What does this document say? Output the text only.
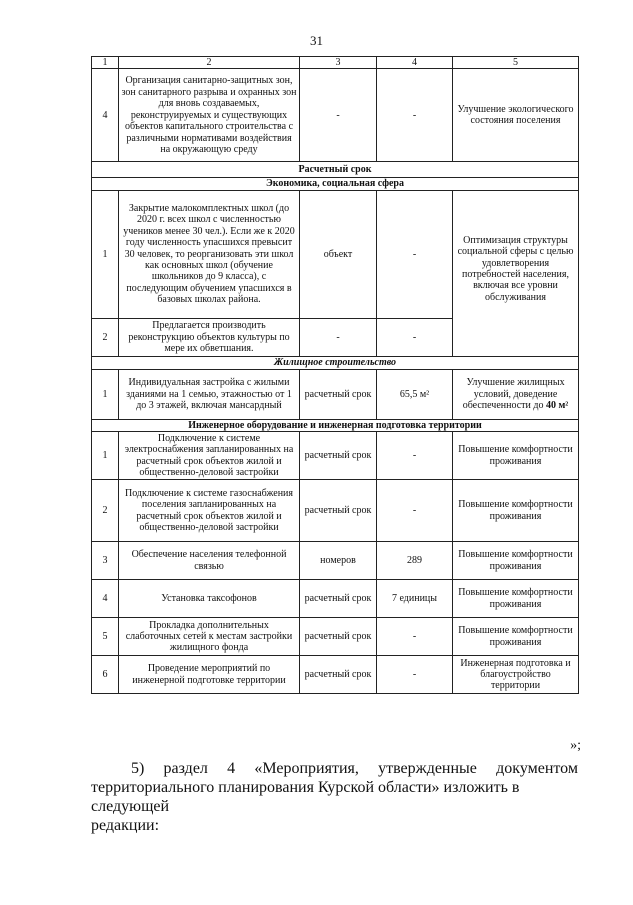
31
1	2	3	4	5
4	Организация санитарно-защитных зон, зон санитарного разрыва и охранных зон для вновь создаваемых, реконструируемых и существующих объектов капитального строительства с различными нормативами воздействия на окружающую среду	-	-	Улучшение экологического состояния поселения
Расчетный срок				
Экономика, социальная сфера				
1	Закрытие малокомплектных школ (до 2020 г. всех школ с численностью учеников менее 30 чел.). Если же к 2020 году численность упасшихся превысит 30 человек, то реорганизовать эти школ как основных школ (обучение школьников до 9 класса), с последующим обучением упасшихся в базовых школах района.	объект	-	Оптимизация структуры социальной сферы с целью удовлетворения потребностей населения, включая все уровни обслуживания
2	Предлагается производить реконструкцию объектов культуры по мере их обветшания.	-	-	
Жилищное строительство				
1	Индивидуальная застройка с жилыми зданиями на 1 семью, этажностью от 1 до 3 этажей, включая мансардный	расчетный срок	65,5 м²	Улучшение жилищных условий, доведение обеспеченности до 40 м²
Инженерное оборудование и инженерная подготовка территории				
1	Подключение к системе электроснабжения запланированных на расчетный срок объектов жилой и общественно-деловой застройки	расчетный срок	-	Повышение комфортности проживания
2	Подключение к системе газоснабжения поселения запланированных на расчетный срок объектов жилой и общественно-деловой застройки	расчетный срок	-	Повышение комфортности проживания
3	Обеспечение населения телефонной связью	номеров	289	Повышение комфортности проживания
4	Установка таксофонов	расчетный срок	7 единицы	Повышение комфортности проживания
5	Прокладка дополнительных слаботочных сетей к местам застройки жилищного фонда	расчетный срок	-	Повышение комфортности проживания
6	Проведение мероприятий по инженерной подготовке территории	расчетный срок	-	Инженерная подготовка и благоустройство территории
»;
5) раздел 4 «Мероприятия, утвержденные документом
территориального планирования Курской области» изложить в следующей
редакции:
